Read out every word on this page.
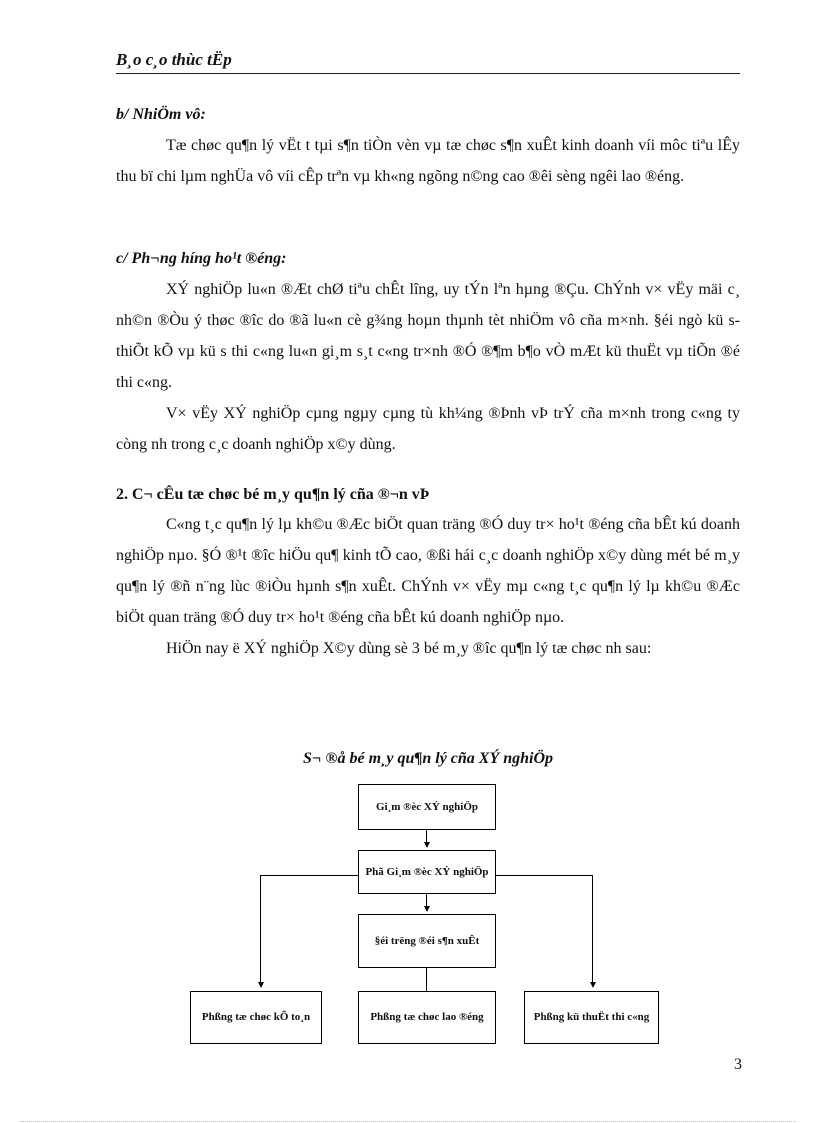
B¸o c¸o thùc tËp

b/ NhiÖm vô:

Tæ chøc qu¶n lý vËt t tµi s¶n tiÒn vèn vµ tæ chøc s¶n xuÊt kinh doanh víi môc tiªu lÊy thu bï chi lµm nghÜa vô víi cÊp trªn vµ kh«ng ngõng n©ng cao ®êi sèng ngêi lao ®éng.

c/ Ph¬ng híng ho¹t ®éng:

XÝ nghiÖp lu«n ®Æt chØ tiªu chÊt lîng, uy tÝn lªn hµng ®Çu. ChÝnh v× vËy mäi c¸ nh©n ®Òu ý thøc ®îc do ®ã lu«n cè g¾ng hoµn thµnh tèt nhiÖm vô cña m×nh. §éi ngò kü s thiÕt kÕ vµ kü s thi c«ng lu«n gi¸m s¸t c«ng tr×nh ®Ó ®¶m b¶o vÒ mÆt kü thuËt vµ tiÕn ®é thi c«ng.

V× vËy XÝ nghiÖp cµng ngµy cµng tù kh¼ng ®Þnh vÞ trÝ cña m×nh trong c«ng ty còng nh trong c¸c doanh nghiÖp x©y dùng.

2. C¬ cÊu tæ chøc bé m¸y qu¶n lý cña ®¬n vÞ

C«ng t¸c qu¶n lý lµ kh©u ®Æc biÖt quan träng ®Ó duy tr× ho¹t ®éng cña bÊt kú doanh nghiÖp nµo. §Ó ®¹t ®îc hiÖu qu¶ kinh tÕ cao, ®ßi hái c¸c doanh nghiÖp x©y dùng mét bé m¸y qu¶n lý ®ñ n¨ng lùc ®iÒu hµnh s¶n xuÊt. ChÝnh v× vËy mµ c«ng t¸c qu¶n lý lµ kh©u ®Æc biÖt quan träng ®Ó duy tr× ho¹t ®éng cña bÊt kú doanh nghiÖp nµo.

HiÖn nay ë XÝ nghiÖp X©y dùng sè 3 bé m¸y ®îc qu¶n lý tæ chøc nh sau:

S¬ ®å bé m¸y qu¶n lý cña XÝ nghiÖp
Gi¸m ®èc XÝ nghiÖp
Phã Gi¸m ®èc XÝ nghiÖp
§éi trëng ®éi s¶n xuÊt
Phßng tæ chøc kÕ to¸n	Phßng tæ chøc lao ®éng	Phßng kü thuËt thi c«ng
3
